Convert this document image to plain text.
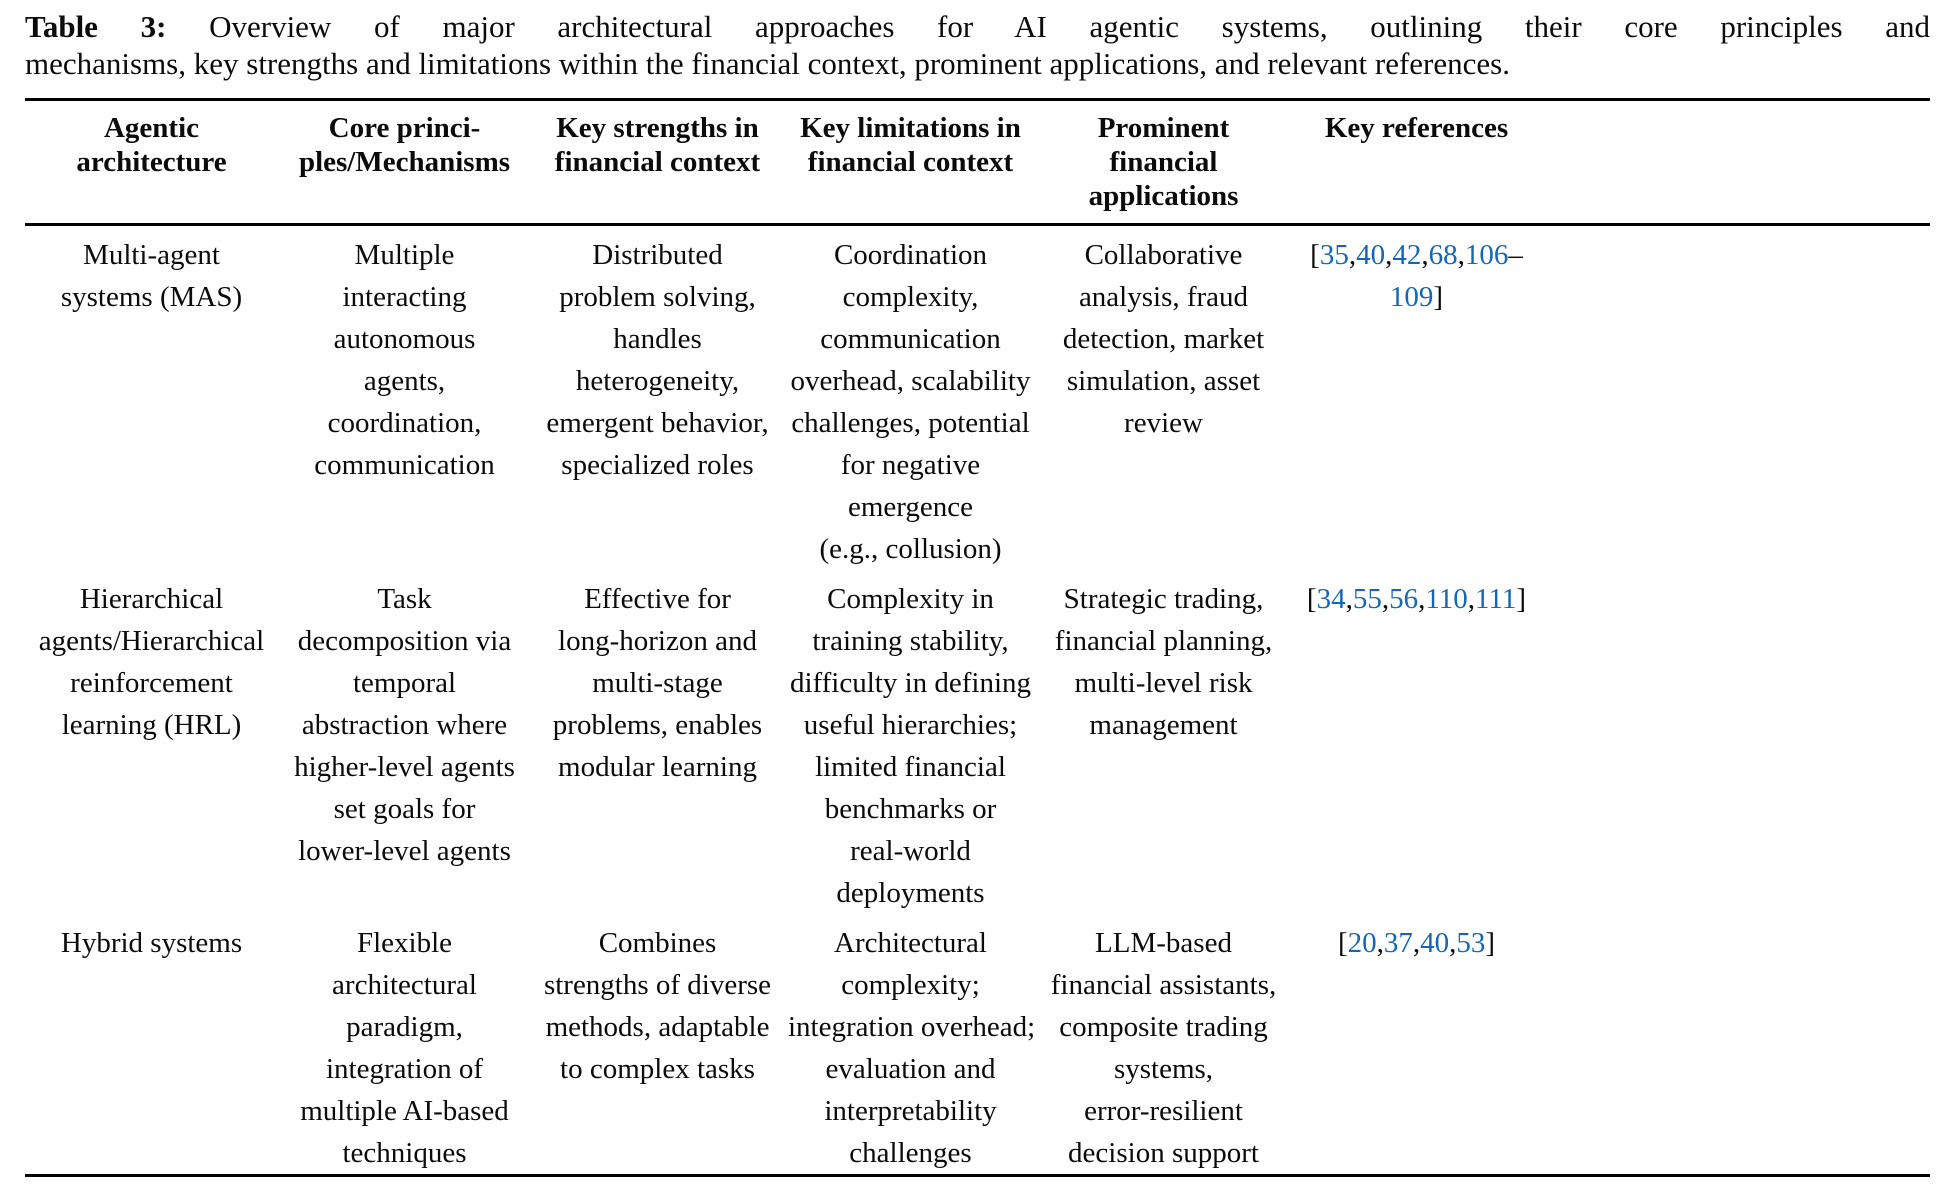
Table 3: Overview of major architectural approaches for AI agentic systems, outlining their core principles and
mechanisms, key strengths and limitations within the financial context, prominent applications, and relevant references.
Agentic
architecture
Core princi-
ples/Mechanisms
Key strengths in
financial context
Key limitations in
financial context
Prominent
financial
applications
Key references
Multi-agent
systems (MAS)
Multiple
interacting
autonomous
agents,
coordination,
communication
Distributed
problem solving,
handles
heterogeneity,
emergent behavior,
specialized roles
Coordination
complexity,
communication
overhead, scalability
challenges, potential
for negative
emergence
(e.g., collusion)
Collaborative
analysis, fraud
detection, market
simulation, asset
review
[35,40,42,68,106–
109]
Hierarchical
agents/Hierarchical
reinforcement
learning (HRL)
Task
decomposition via
temporal
abstraction where
higher-level agents
set goals for
lower-level agents
Effective for
long-horizon and
multi-stage
problems, enables
modular learning
Complexity in
training stability,
difficulty in defining
useful hierarchies;
limited financial
benchmarks or
real-world
deployments
Strategic trading,
financial planning,
multi-level risk
management
[34,55,56,110,111]
Hybrid systems	Flexible
architectural
paradigm,
integration of
multiple AI-based
techniques
Combines
strengths of diverse
methods, adaptable
to complex tasks
Architectural
complexity;
integration overhead;
evaluation and
interpretability
challenges
LLM-based
financial assistants,
composite trading
systems,
error-resilient
decision support
[20,37,40,53]
